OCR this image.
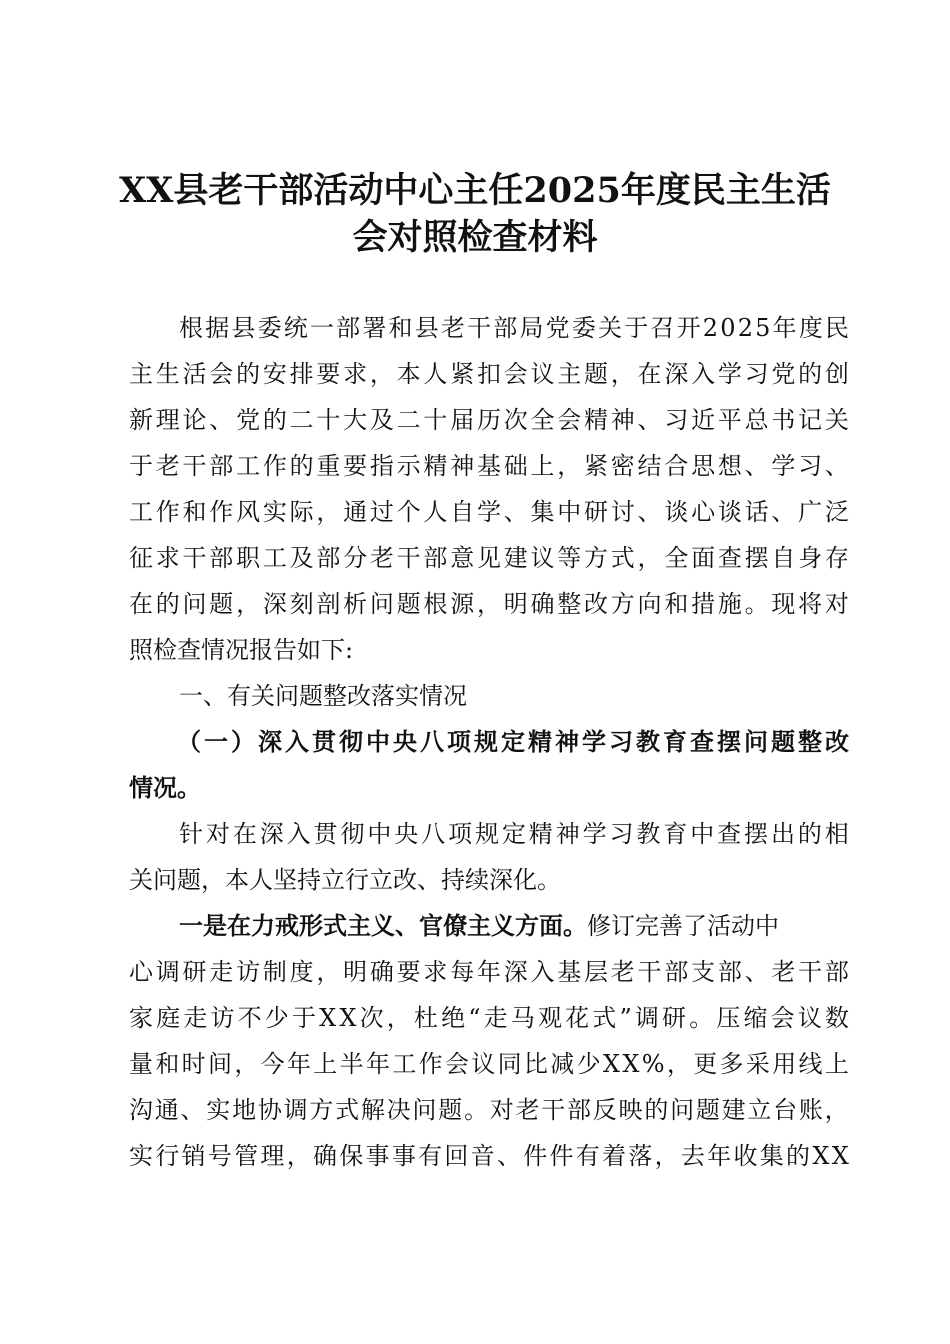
XX县老干部活动中心主任2025年度民主生活
会对照检查材料

根 据 县 委 统 一 部 署 和 县 老 干 部 局 党 委 关 于 召 开 2 0 2 5 年 度 民

主 生 活 会 的 安 排 要 求 ， 本 人 紧 扣 会 议 主 题 ， 在 深 入 学 习 党 的 创

新 理 论 、 党 的 二 十 大 及 二 十 届 历 次 全 会 精 神 、 习 近 平 总 书 记 关

于 老 干 部 工 作 的 重 要 指 示 精 神 基 础 上 ， 紧 密 结 合 思 想 、 学 习 、

工 作 和 作 风 实 际 ， 通 过 个 人 自 学 、 集 中 研 讨 、 谈 心 谈 话 、 广 泛

征 求 干 部 职 工 及 部 分 老 干 部 意 见 建 议 等 方 式 ， 全 面 查 摆 自 身 存

在 的 问 题 ， 深 刻 剖 析 问 题 根 源 ， 明 确 整 改 方 向 和 措 施 。 现 将 对

照检查情况报告如下:

一、有关问题整改落实情况

（ 一 ） 深 入 贯 彻 中 央 八 项 规 定 精 神 学 习 教 育 查 摆 问 题 整 改

情况。

针 对 在 深 入 贯 彻 中 央 八 项 规 定 精 神 学 习 教 育 中 查 摆 出 的 相

关问题，本人坚持立行立改、持续深化。

一是在力戒形式主义、官僚主义方面。 修订完善了活动中

心 调 研 走 访 制 度 ， 明 确 要 求 每 年 深 入 基 层 老 干 部 支 部 、 老 干 部

家 庭 走 访 不 少 于 X X 次 ， 杜 绝 “ 走 马 观 花 式 ” 调 研 。 压 缩 会 议 数

量 和 时 间 ， 今 年 上 半 年 工 作 会 议 同 比 减 少 X X % ， 更 多 采 用 线 上

沟 通 、 实 地 协 调 方 式 解 决 问 题 。 对 老 干 部 反 映 的 问 题 建 立 台 账 ，

实 行 销 号 管 理 ， 确 保 事 事 有 回 音 、 件 件 有 着 落 ， 去 年 收 集 的 X X
